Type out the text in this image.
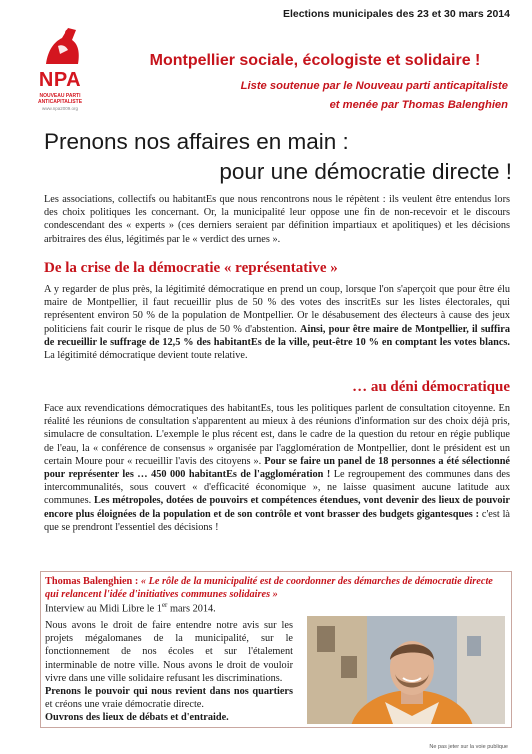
Elections municipales des 23 et 30 mars 2014
NPA
NOUVEAU PARTI
ANTICAPITALISTE
www.npa2009.org
Montpellier sociale, écologiste et solidaire !
Liste soutenue par le Nouveau parti anticapitaliste
et menée par Thomas Balenghien
Prenons nos affaires en main :
pour une démocratie directe !

Les associations, collectifs ou habitantEs que nous rencontrons nous le répètent : ils veulent être entendus lors des choix politiques les concernant. Or, la municipalité leur oppose une fin de non-recevoir et le discours condescendant des « experts » (ces derniers seraient par définition impartiaux et apolitiques) et les décisions arbitraires des élus, légitimés par le « verdict des urnes ».

De la crise de la démocratie « représentative »

A y regarder de plus près, la légitimité démocratique en prend un coup, lorsque l'on s'aperçoit que pour être élu maire de Montpellier, il faut recueillir plus de 50 % des votes des inscritEs sur les listes électorales, qui représentent environ 50 % de la population de Montpellier. Or le désabusement des électeurs à cause des jeux politiciens fait courir le risque de plus de 50 % d'abstention. Ainsi, pour être maire de Montpellier, il suffira de recueillir le suffrage de 12,5 % des habitantEs de la ville, peut-être 10 % en comptant les votes blancs. La légitimité démocratique devient toute relative.

… au déni démocratique

Face aux revendications démocratiques des habitantEs, tous les politiques parlent de consultation citoyenne. En réalité les réunions de consultation s'apparentent au mieux à des réunions d'information sur des choix déjà pris, simulacre de consultation. L'exemple le plus récent est, dans le cadre de la question du retour en régie publique de l'eau, la « conférence de consensus » organisée par l'agglomération de Montpellier, dont le président est un certain Moure pour « recueillir l'avis des citoyens ». Pour se faire un panel de 18 personnes a été sélectionné pour représenter les … 450 000 habitantEs de l'agglomération ! Le regroupement des communes dans des intercommunalités, sous couvert « d'efficacité économique », ne laisse quasiment aucune latitude aux communes. Les métropoles, dotées de pouvoirs et compétences étendues, vont devenir des lieux de pouvoir encore plus éloignées de la population et de son contrôle et vont brasser des budgets gigantesques : c'est là que se prendront l'essentiel des décisions !

Thomas Balenghien : « Le rôle de la municipalité est de coordonner des démarches de démocratie directe qui relancent l'idée d'initiatives communes solidaires »

Interview au Midi Libre le 1er mars 2014.

Nous avons le droit de faire entendre notre avis sur les projets mégalomanes de la municipalité, sur le fonctionnement de nos écoles et sur l'étalement interminable de notre ville. Nous avons le droit de vouloir vivre dans une ville solidaire refusant les discriminations.
Prenons le pouvoir qui nous revient dans nos quartiers et créons une vraie démocratie directe.
Ouvrons des lieux de débats et d'entraide.

Ne pas jeter sur la voie publique
